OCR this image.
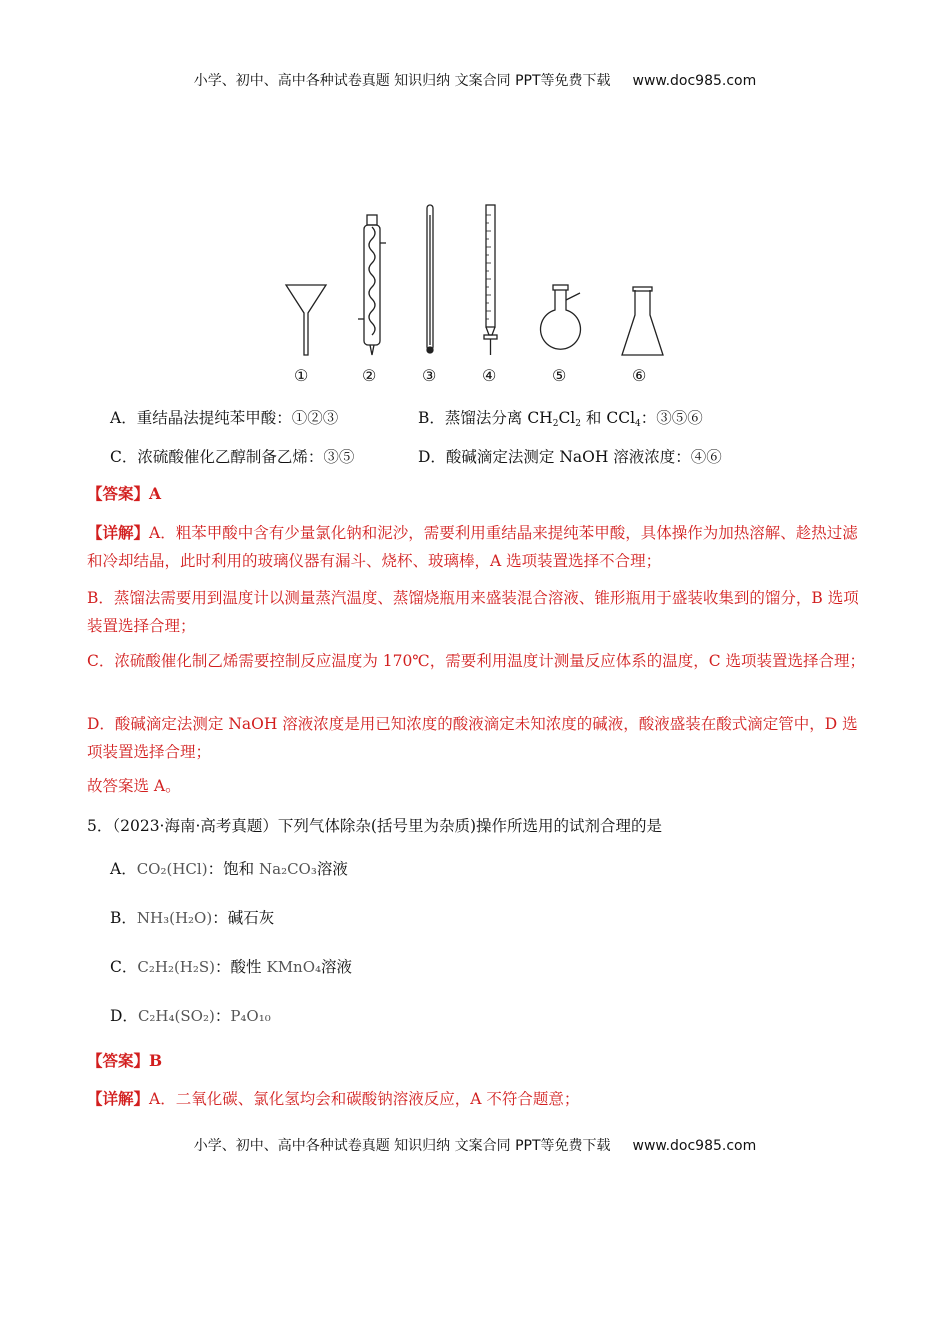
小学、初中、高中各种试卷真题 知识归纳 文案合同 PPT等免费下载 www.doc985.com
①	②	③	④	⑤	⑥
A．重结晶法提纯苯甲酸：①②③	B．蒸馏法分离 $CH_2Cl_2$ 和 CCl$_4$：③⑤⑥
C．浓硫酸催化乙醇制备乙烯：③⑤	D．酸碱滴定法测定 NaOH 溶液浓度：④⑥
【答案】A
【详解】A．粗苯甲酸中含有少量氯化钠和泥沙，需要利用重结晶来提纯苯甲酸，具体操作为加热溶解、趁热过滤和冷却结晶，此时利用的玻璃仪器有漏斗、烧杯、玻璃棒，A 选项装置选择不合理；
B．蒸馏法需要用到温度计以测量蒸汽温度、蒸馏烧瓶用来盛装混合溶液、锥形瓶用于盛装收集到的馏分，B 选项装置选择合理；
C．浓硫酸催化制乙烯需要控制反应温度为 170℃，需要利用温度计测量反应体系的温度，C 选项装置选择合理；
D．酸碱滴定法测定 NaOH 溶液浓度是用已知浓度的酸液滴定未知浓度的碱液，酸液盛装在酸式滴定管中，D 选项装置选择合理；
故答案选 A。
5．（2023·海南·高考真题）下列气体除杂(括号里为杂质)操作所选用的试剂合理的是
A．CO₂(HCl)：饱和 Na₂CO₃溶液
B．NH₃(H₂O)：碱石灰
C．C₂H₂(H₂S)：酸性 KMnO₄溶液
D．C₂H₄(SO₂)：P₄O₁₀
【答案】B
【详解】A．二氧化碳、氯化氢均会和碳酸钠溶液反应，A 不符合题意；
小学、初中、高中各种试卷真题 知识归纳 文案合同 PPT等免费下载 www.doc985.com
